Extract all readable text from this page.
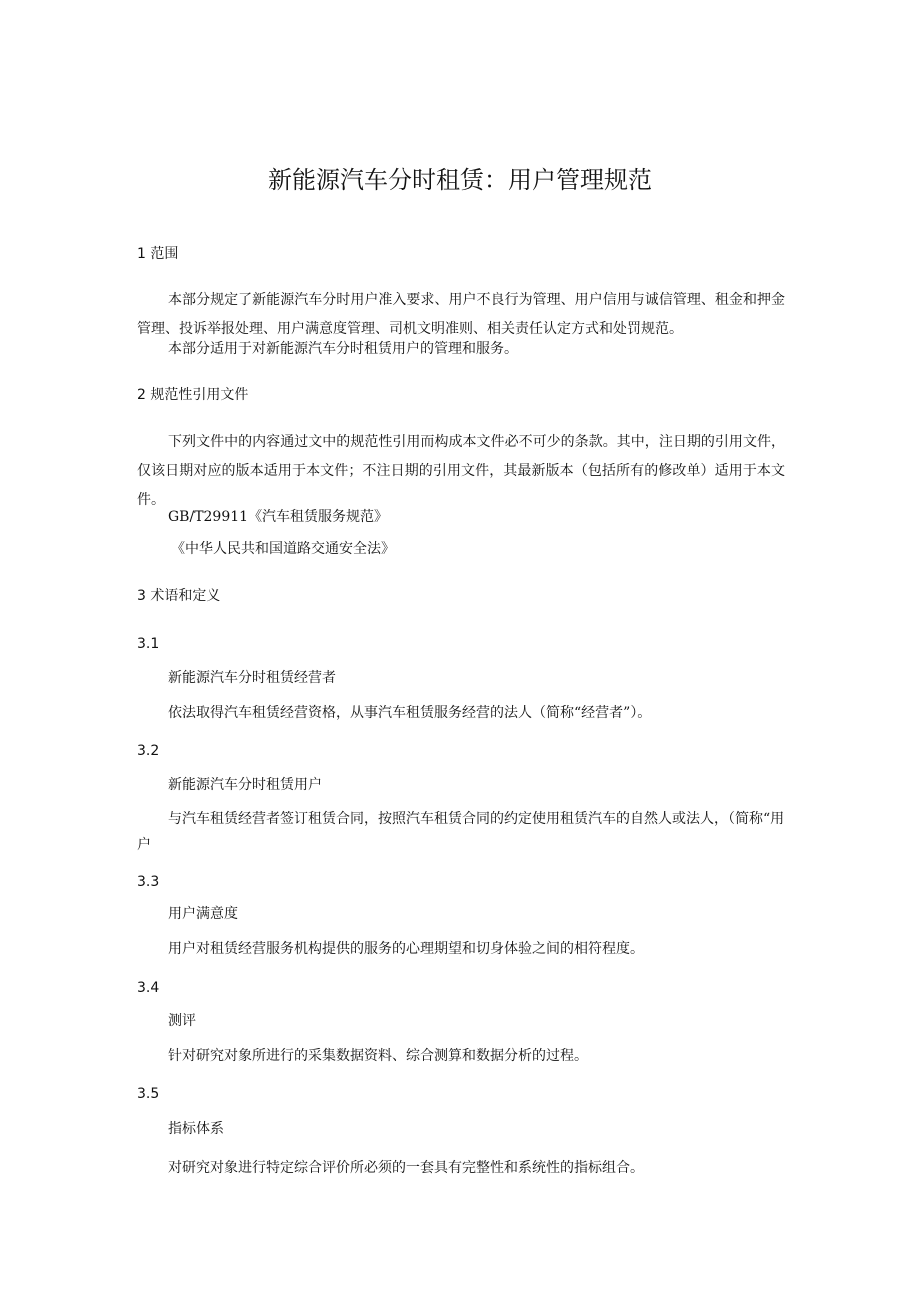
新能源汽车分时租赁：用户管理规范
1 范围
本部分规定了新能源汽车分时用户准入要求、用户不良行为管理、用户信用与诚信管理、租金和押金管理、投诉举报处理、用户满意度管理、司机文明准则、相关责任认定方式和处罚规范。
本部分适用于对新能源汽车分时租赁用户的管理和服务。
2 规范性引用文件
下列文件中的内容通过文中的规范性引用而构成本文件必不可少的条款。其中，注日期的引用文件，仅该日期对应的版本适用于本文件；不注日期的引用文件，其最新版本（包括所有的修改单）适用于本文件。
GB/T29911《汽车租赁服务规范》
《中华人民共和国道路交通安全法》
3 术语和定义
3.1
新能源汽车分时租赁经营者
依法取得汽车租赁经营资格，从事汽车租赁服务经营的法人（简称“经营者”）。
3.2
新能源汽车分时租赁用户
与汽车租赁经营者签订租赁合同，按照汽车租赁合同的约定使用租赁汽车的自然人或法人，（简称“用户
3.3
用户满意度
用户对租赁经营服务机构提供的服务的心理期望和切身体验之间的相符程度。
3.4
测评
针对研究对象所进行的采集数据资料、综合测算和数据分析的过程。
3.5
指标体系
对研究对象进行特定综合评价所必须的一套具有完整性和系统性的指标组合。
